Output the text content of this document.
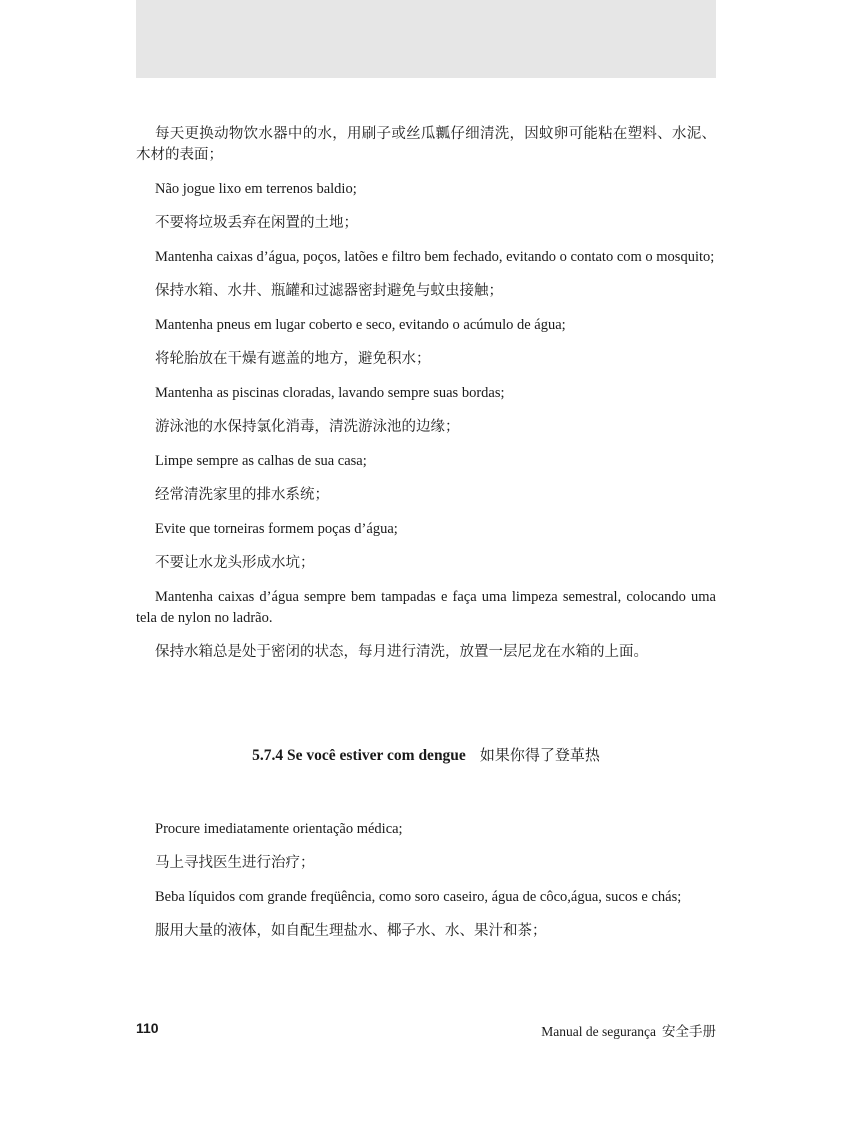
每天更换动物饮水器中的水，用刷子或丝瓜瓤仔细清洗，因蚊卵可能粘在塑料、水泥、木材的表面；

Não jogue lixo em terrenos baldio;

不要将垃圾丢弃在闲置的土地；

Mantenha caixas d’água, poços, latões e filtro bem fechado, evitando o contato com o mosquito;

保持水箱、水井、瓶罐和过滤器密封避免与蚊虫接触；

Mantenha pneus em lugar coberto e seco, evitando o acúmulo de água;

将轮胎放在干燥有遮盖的地方，避免积水；

Mantenha as piscinas cloradas, lavando sempre suas bordas;

游泳池的水保持氯化消毒，清洗游泳池的边缘；

Limpe sempre as calhas de sua casa;

经常清洗家里的排水系统；

Evite que torneiras formem poças d’água;

不要让水龙头形成水坑；

Mantenha caixas d’água sempre bem tampadas e faça uma limpeza semestral, colocando uma tela de nylon no ladrão.

保持水箱总是处于密闭的状态，每月进行清洗，放置一层尼龙在水箱的上面。

5.7.4 Se você estiver com dengue 如果你得了登革热

Procure imediatamente orientação médica;

马上寻找医生进行治疗；

Beba líquidos com grande freqüência, como soro caseiro, água de côco,água, sucos e chás;

服用大量的液体，如自配生理盐水、椰子水、水、果汁和茶；

110	Manual de segurança 安全手册
